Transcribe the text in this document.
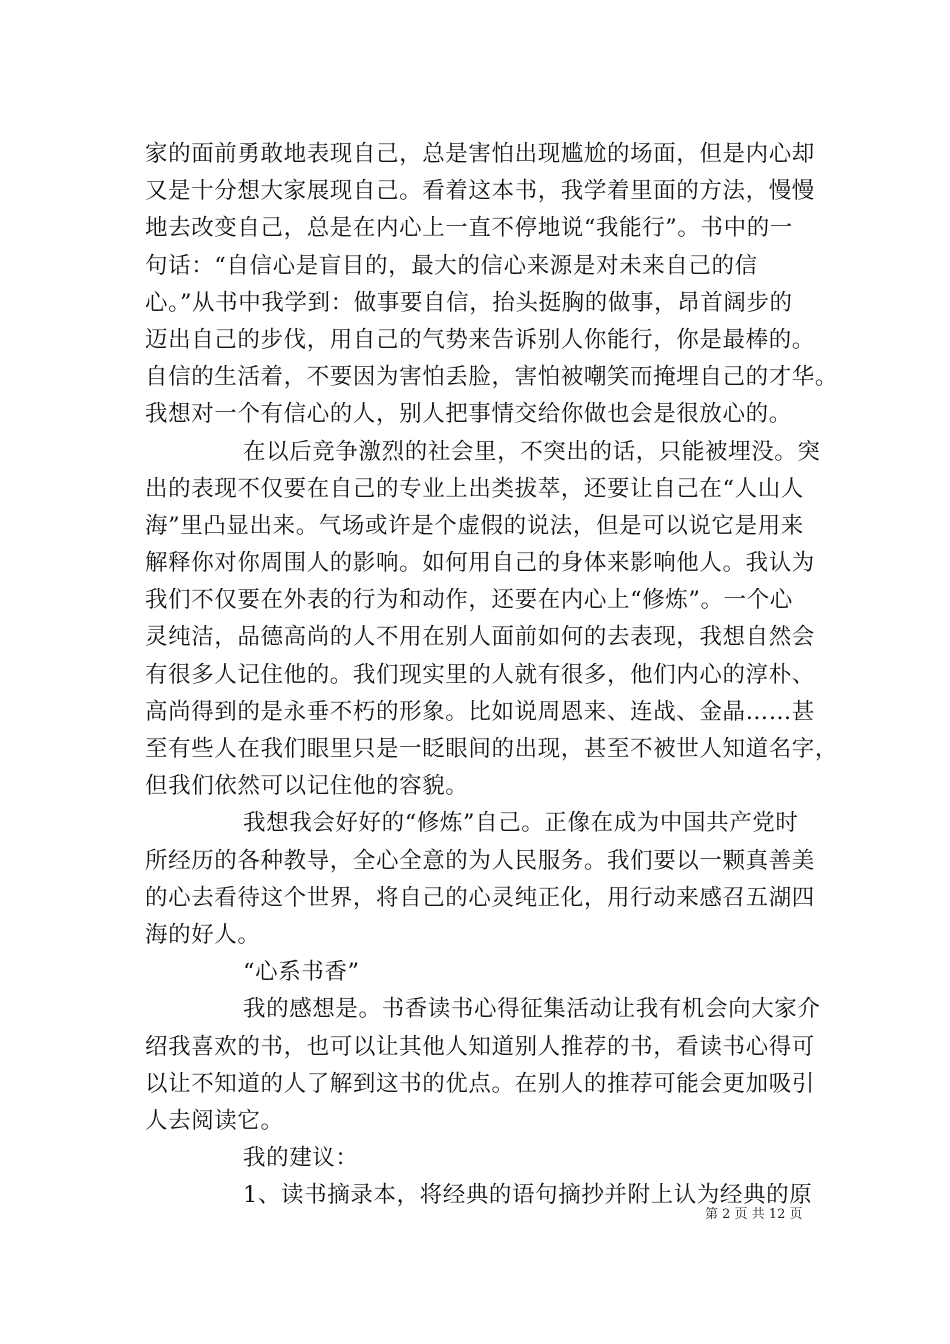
家的面前勇敢地表现自己，总是害怕出现尴尬的场面，但是内心却
又是十分想大家展现自己。看着这本书，我学着里面的方法，慢慢
地去改变自己，总是在内心上一直不停地说“我能行”。书中的一
句话：“自信心是盲目的，最大的信心来源是对未来自己的信
心。”从书中我学到：做事要自信，抬头挺胸的做事，昂首阔步的
迈出自己的步伐，用自己的气势来告诉别人你能行，你是最棒的。
自信的生活着，不要因为害怕丢脸，害怕被嘲笑而掩埋自己的才华。
我想对一个有信心的人，别人把事情交给你做也会是很放心的。
在以后竞争激烈的社会里，不突出的话，只能被埋没。突
出的表现不仅要在自己的专业上出类拔萃，还要让自己在“人山人
海”里凸显出来。气场或许是个虚假的说法，但是可以说它是用来
解释你对你周围人的影响。如何用自己的身体来影响他人。我认为
我们不仅要在外表的行为和动作，还要在内心上“修炼”。一个心
灵纯洁，品德高尚的人不用在别人面前如何的去表现，我想自然会
有很多人记住他的。我们现实里的人就有很多，他们内心的淳朴、
高尚得到的是永垂不朽的形象。比如说周恩来、连战、金晶……甚
至有些人在我们眼里只是一眨眼间的出现，甚至不被世人知道名字，
但我们依然可以记住他的容貌。
我想我会好好的“修炼”自己。正像在成为中国共产党时
所经历的各种教导，全心全意的为人民服务。我们要以一颗真善美
的心去看待这个世界，将自己的心灵纯正化，用行动来感召五湖四
海的好人。
“心系书香”
我的感想是。书香读书心得征集活动让我有机会向大家介
绍我喜欢的书，也可以让其他人知道别人推荐的书，看读书心得可
以让不知道的人了解到这书的优点。在别人的推荐可能会更加吸引
人去阅读它。
我的建议：
1、读书摘录本，将经典的语句摘抄并附上认为经典的原
第 2 页 共 12 页
